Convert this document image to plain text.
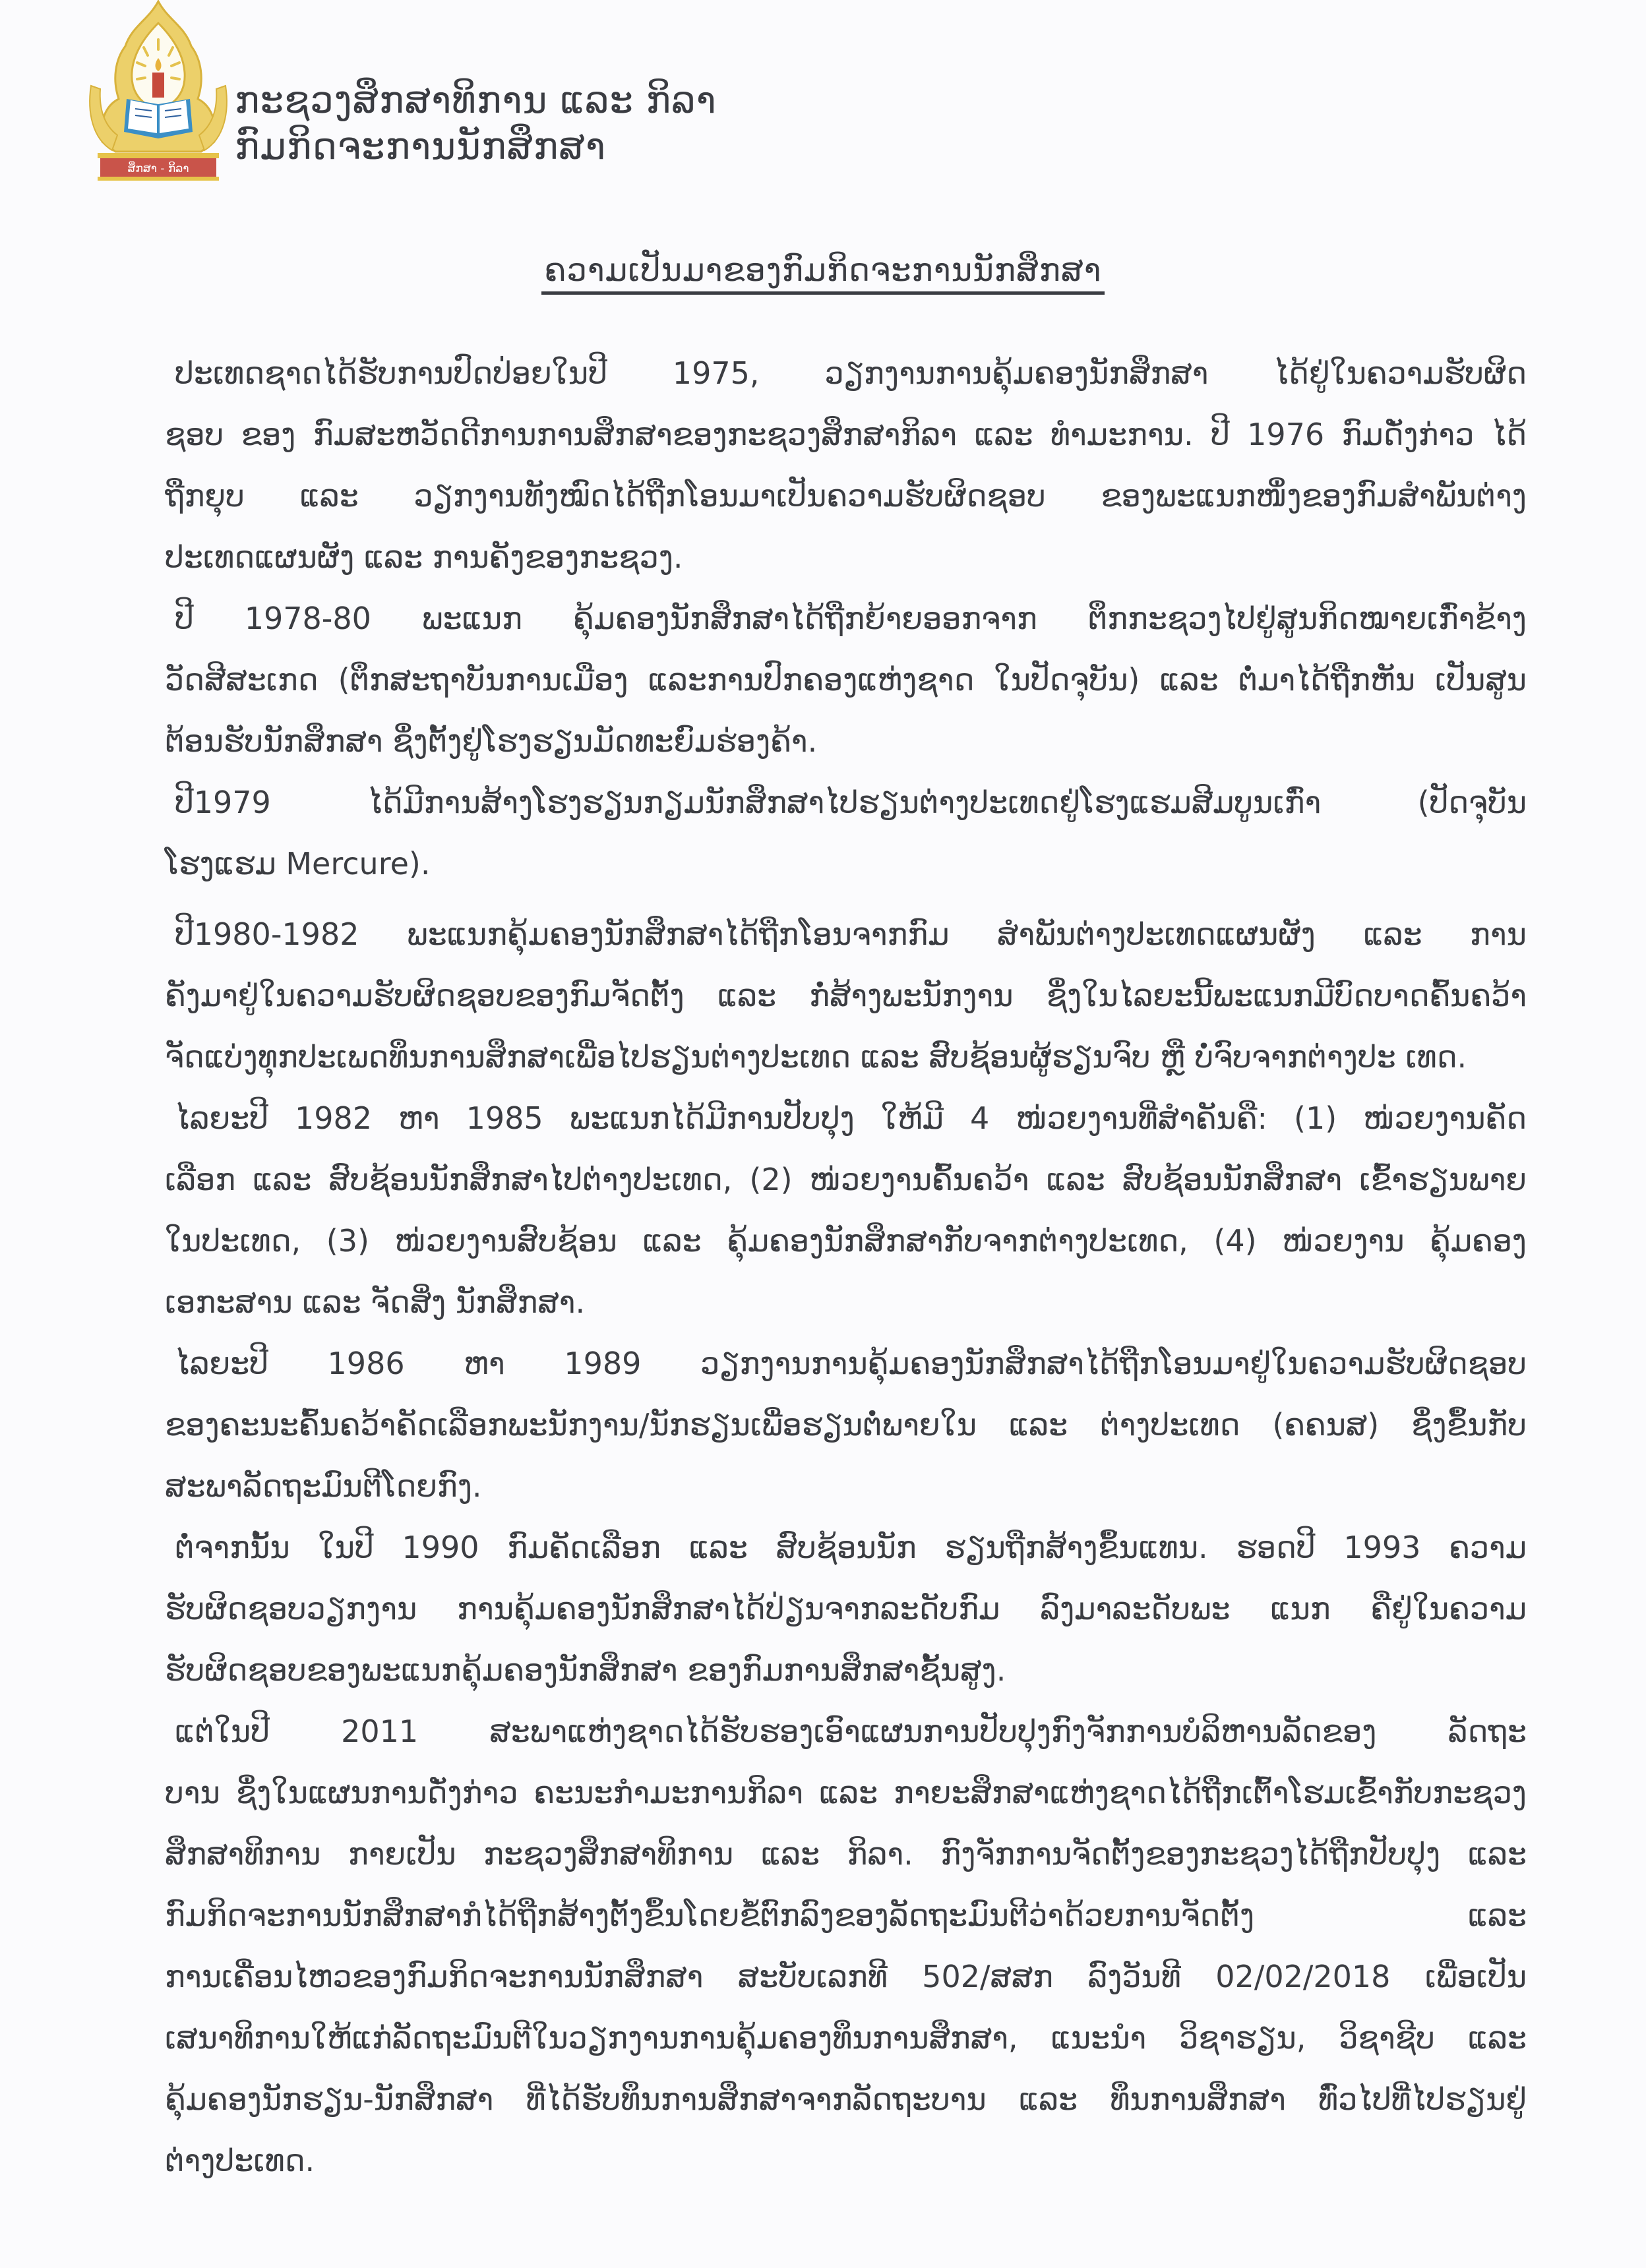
ສຶກສາ - ກິລາ
ກະຊວງສຶກສາທິການ ແລະ ກິລາ
ກົມກິດຈະການນັກສຶກສາ
ຄວາມເປັນມາຂອງກົມກິດຈະການນັກສຶກສາ
ປະເທດຊາດໄດ້ຮັບການປົດປ່ອຍໃນປີ 1975, ວຽກງານການຄຸ້ມຄອງນັກສຶກສາ ໄດ້ຢູ່ໃນຄວາມຮັບຜິດ
ຊອບ ຂອງ ກົມສະຫວັດດີການການສຶກສາຂອງກະຊວງສຶກສາກິລາ ແລະ ທຳມະການ. ປີ 1976 ກົມດັ່ງກ່າວ ໄດ້
ຖືກຍຸບ ແລະ ວຽກງານທັງໝົດໄດ້ຖືກໂອນມາເປັນຄວາມຮັບຜິດຊອບ ຂອງພະແນກໜຶ່ງຂອງກົມສຳພັນຕ່າງ
ປະເທດແຜນຜັງ ແລະ ການຄັງຂອງກະຊວງ.
ປີ 1978-80 ພະແນກ ຄຸ້ມຄອງນັກສຶກສາໄດ້ຖືກຍ້າຍອອກຈາກ ຕຶກກະຊວງໄປຢູ່ສູນກິດໝາຍເກົ່າຂ້າງ
ວັດສີສະເກດ (ຕຶກສະຖາບັນການເມືອງ ແລະການປົກຄອງແຫ່ງຊາດ ໃນປັດຈຸບັນ) ແລະ ຕໍ່ມາໄດ້ຖືກຫັນ ເປັນສູນ
ຕ້ອນຮັບນັກສຶກສາ ຊຶ່ງຕັ້ງຢູ່ໂຮງຮຽນມັດທະຍົມຮ່ອງຄ້າ.
ປີ1979 ໄດ້ມີການສ້າງໂຮງຮຽນກຽມນັກສຶກສາໄປຮຽນຕ່າງປະເທດຢູ່ໂຮງແຮມສີມບູນເກົ່າ (ປັດຈຸບັນ
ໂຮງແຮມ Mercure).
ປີ1980-1982 ພະແນກຄຸ້ມຄອງນັກສຶກສາໄດ້ຖືກໂອນຈາກກົມ ສຳພັນຕ່າງປະເທດແຜນຜັງ ແລະ ການ
ຄັງມາຢູ່ໃນຄວາມຮັບຜິດຊອບຂອງກົມຈັດຕັ້ງ ແລະ ກໍ່ສ້າງພະນັກງານ ຊຶ່ງໃນໄລຍະນີ້ພະແນກມີບົດບາດຄົ້ນຄວ້າ
ຈັດແບ່ງທຸກປະເພດທຶນການສຶກສາເພື່ອໄປຮຽນຕ່າງປະເທດ ແລະ ສົບຊ້ອນຜູ້ຮຽນຈົບ ຫຼື ບໍ່ຈົບຈາກຕ່າງປະ ເທດ.
ໄລຍະປີ 1982 ຫາ 1985 ພະແນກໄດ້ມີການປັບປຸງ ໃຫ້ມີ 4 ໜ່ວຍງານທີ່ສຳຄັນຄື: (1) ໜ່ວຍງານຄັດ
ເລືອກ ແລະ ສົບຊ້ອນນັກສຶກສາໄປຕ່າງປະເທດ, (2) ໜ່ວຍງານຄົ້ນຄວ້າ ແລະ ສົບຊ້ອນນັກສຶກສາ ເຂົ້າຮຽນພາຍ
ໃນປະເທດ, (3) ໜ່ວຍງານສົບຊ້ອນ ແລະ ຄຸ້ມຄອງນັກສຶກສາກັບຈາກຕ່າງປະເທດ, (4) ໜ່ວຍງານ ຄຸ້ມຄອງ
ເອກະສານ ແລະ ຈັດສິ່ງ ນັກສຶກສາ.
ໄລຍະປີ 1986 ຫາ 1989 ວຽກງານການຄຸ້ມຄອງນັກສຶກສາໄດ້ຖືກໂອນມາຢູ່ໃນຄວາມຮັບຜິດຊອບ
ຂອງຄະນະຄົ້ນຄວ້າຄັດເລືອກພະນັກງານ/ນັກຮຽນເພື່ອຮຽນຕໍ່ພາຍໃນ ແລະ ຕ່າງປະເທດ (ຄຄນສ) ຊຶ່ງຂຶ້ນກັບ
ສະພາລັດຖະມົນຕີໂດຍກົງ.
ຕໍ່ຈາກນັ້ນ ໃນປີ 1990 ກົມຄັດເລືອກ ແລະ ສົບຊ້ອນນັກ ຮຽນຖືກສ້າງຂຶ້ນແທນ. ຮອດປີ 1993 ຄວາມ
ຮັບຜິດຊອບວຽກງານ ການຄຸ້ມຄອງນັກສຶກສາໄດ້ປ່ຽນຈາກລະດັບກົມ ລົງມາລະດັບພະ ແນກ ຄືຢູ່ໃນຄວາມ
ຮັບຜິດຊອບຂອງພະແນກຄຸ້ມຄອງນັກສຶກສາ ຂອງກົມການສຶກສາຊັ້ນສູງ.
ແຕ່ໃນປີ 2011 ສະພາແຫ່ງຊາດໄດ້ຮັບຮອງເອົາແຜນການປັບປຸງກົງຈັກການບໍລິຫານລັດຂອງ ລັດຖະ
ບານ ຊຶ່ງໃນແຜນການດັ່ງກ່າວ ຄະນະກຳມະການກິລາ ແລະ ກາຍະສຶກສາແຫ່ງຊາດໄດ້ຖືກເຕົ້າໂຮມເຂົ້າກັບກະຊວງ
ສຶກສາທິການ ກາຍເປັນ ກະຊວງສຶກສາທິການ ແລະ ກິລາ. ກົງຈັກການຈັດຕັ້ງຂອງກະຊວງໄດ້ຖືກປັບປຸງ ແລະ
ກົມກິດຈະການນັກສຶກສາກໍໄດ້ຖືກສ້າງຕັ້ງຂຶ້ນໂດຍຂໍ້ຕົກລົງຂອງລັດຖະມົນຕີວ່າດ້ວຍການຈັດຕັ້ງ ແລະ
ການເຄື່ອນໄຫວຂອງກົມກິດຈະການນັກສຶກສາ ສະບັບເລກທີ 502/ສສກ ລົງວັນທີ 02/02/2018 ເພື່ອເປັນ
ເສນາທິການໃຫ້ແກ່ລັດຖະມົນຕີໃນວຽກງານການຄຸ້ມຄອງທຶນການສຶກສາ, ແນະນຳ ວິຊາຮຽນ, ວິຊາຊີບ ແລະ
ຄຸ້ມຄອງນັກຮຽນ-ນັກສຶກສາ ທີ່ໄດ້ຮັບທຶນການສຶກສາຈາກລັດຖະບານ ແລະ ທຶນການສຶກສາ ທົ່ວໄປທີ່ໄປຮຽນຢູ່
ຕ່າງປະເທດ.
